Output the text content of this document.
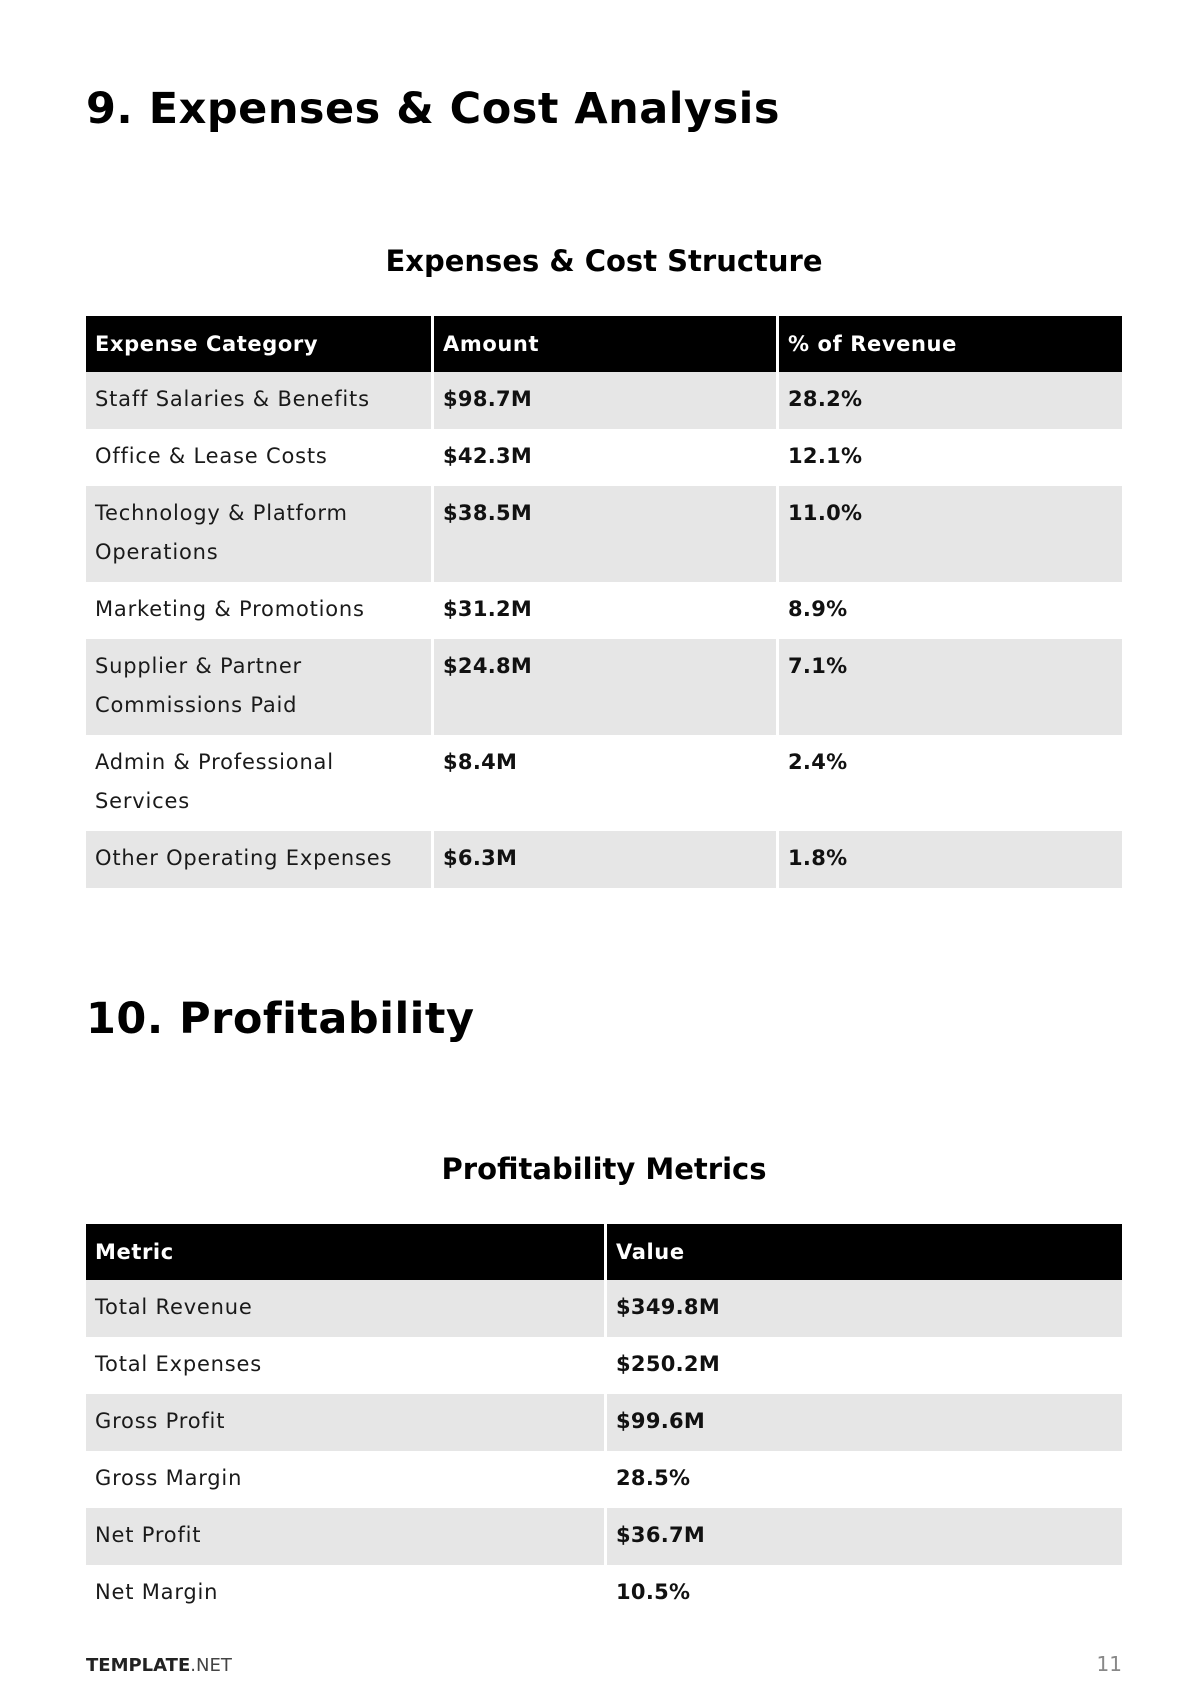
9. Expenses & Cost Analysis
Expenses & Cost Structure
Expense Category	Amount	% of Revenue
Staff Salaries & Benefits	$98.7M	28.2%
Office & Lease Costs	$42.3M	12.1%
Technology & Platform Operations	$38.5M	11.0%
Marketing & Promotions	$31.2M	8.9%
Supplier & Partner Commissions Paid	$24.8M	7.1%
Admin & Professional Services	$8.4M	2.4%
Other Operating Expenses	$6.3M	1.8%
10. Profitability
Profitability Metrics
Metric	Value
Total Revenue	$349.8M
Total Expenses	$250.2M
Gross Profit	$99.6M
Gross Margin	28.5%
Net Profit	$36.7M
Net Margin	10.5%
TEMPLATE.NET	11
